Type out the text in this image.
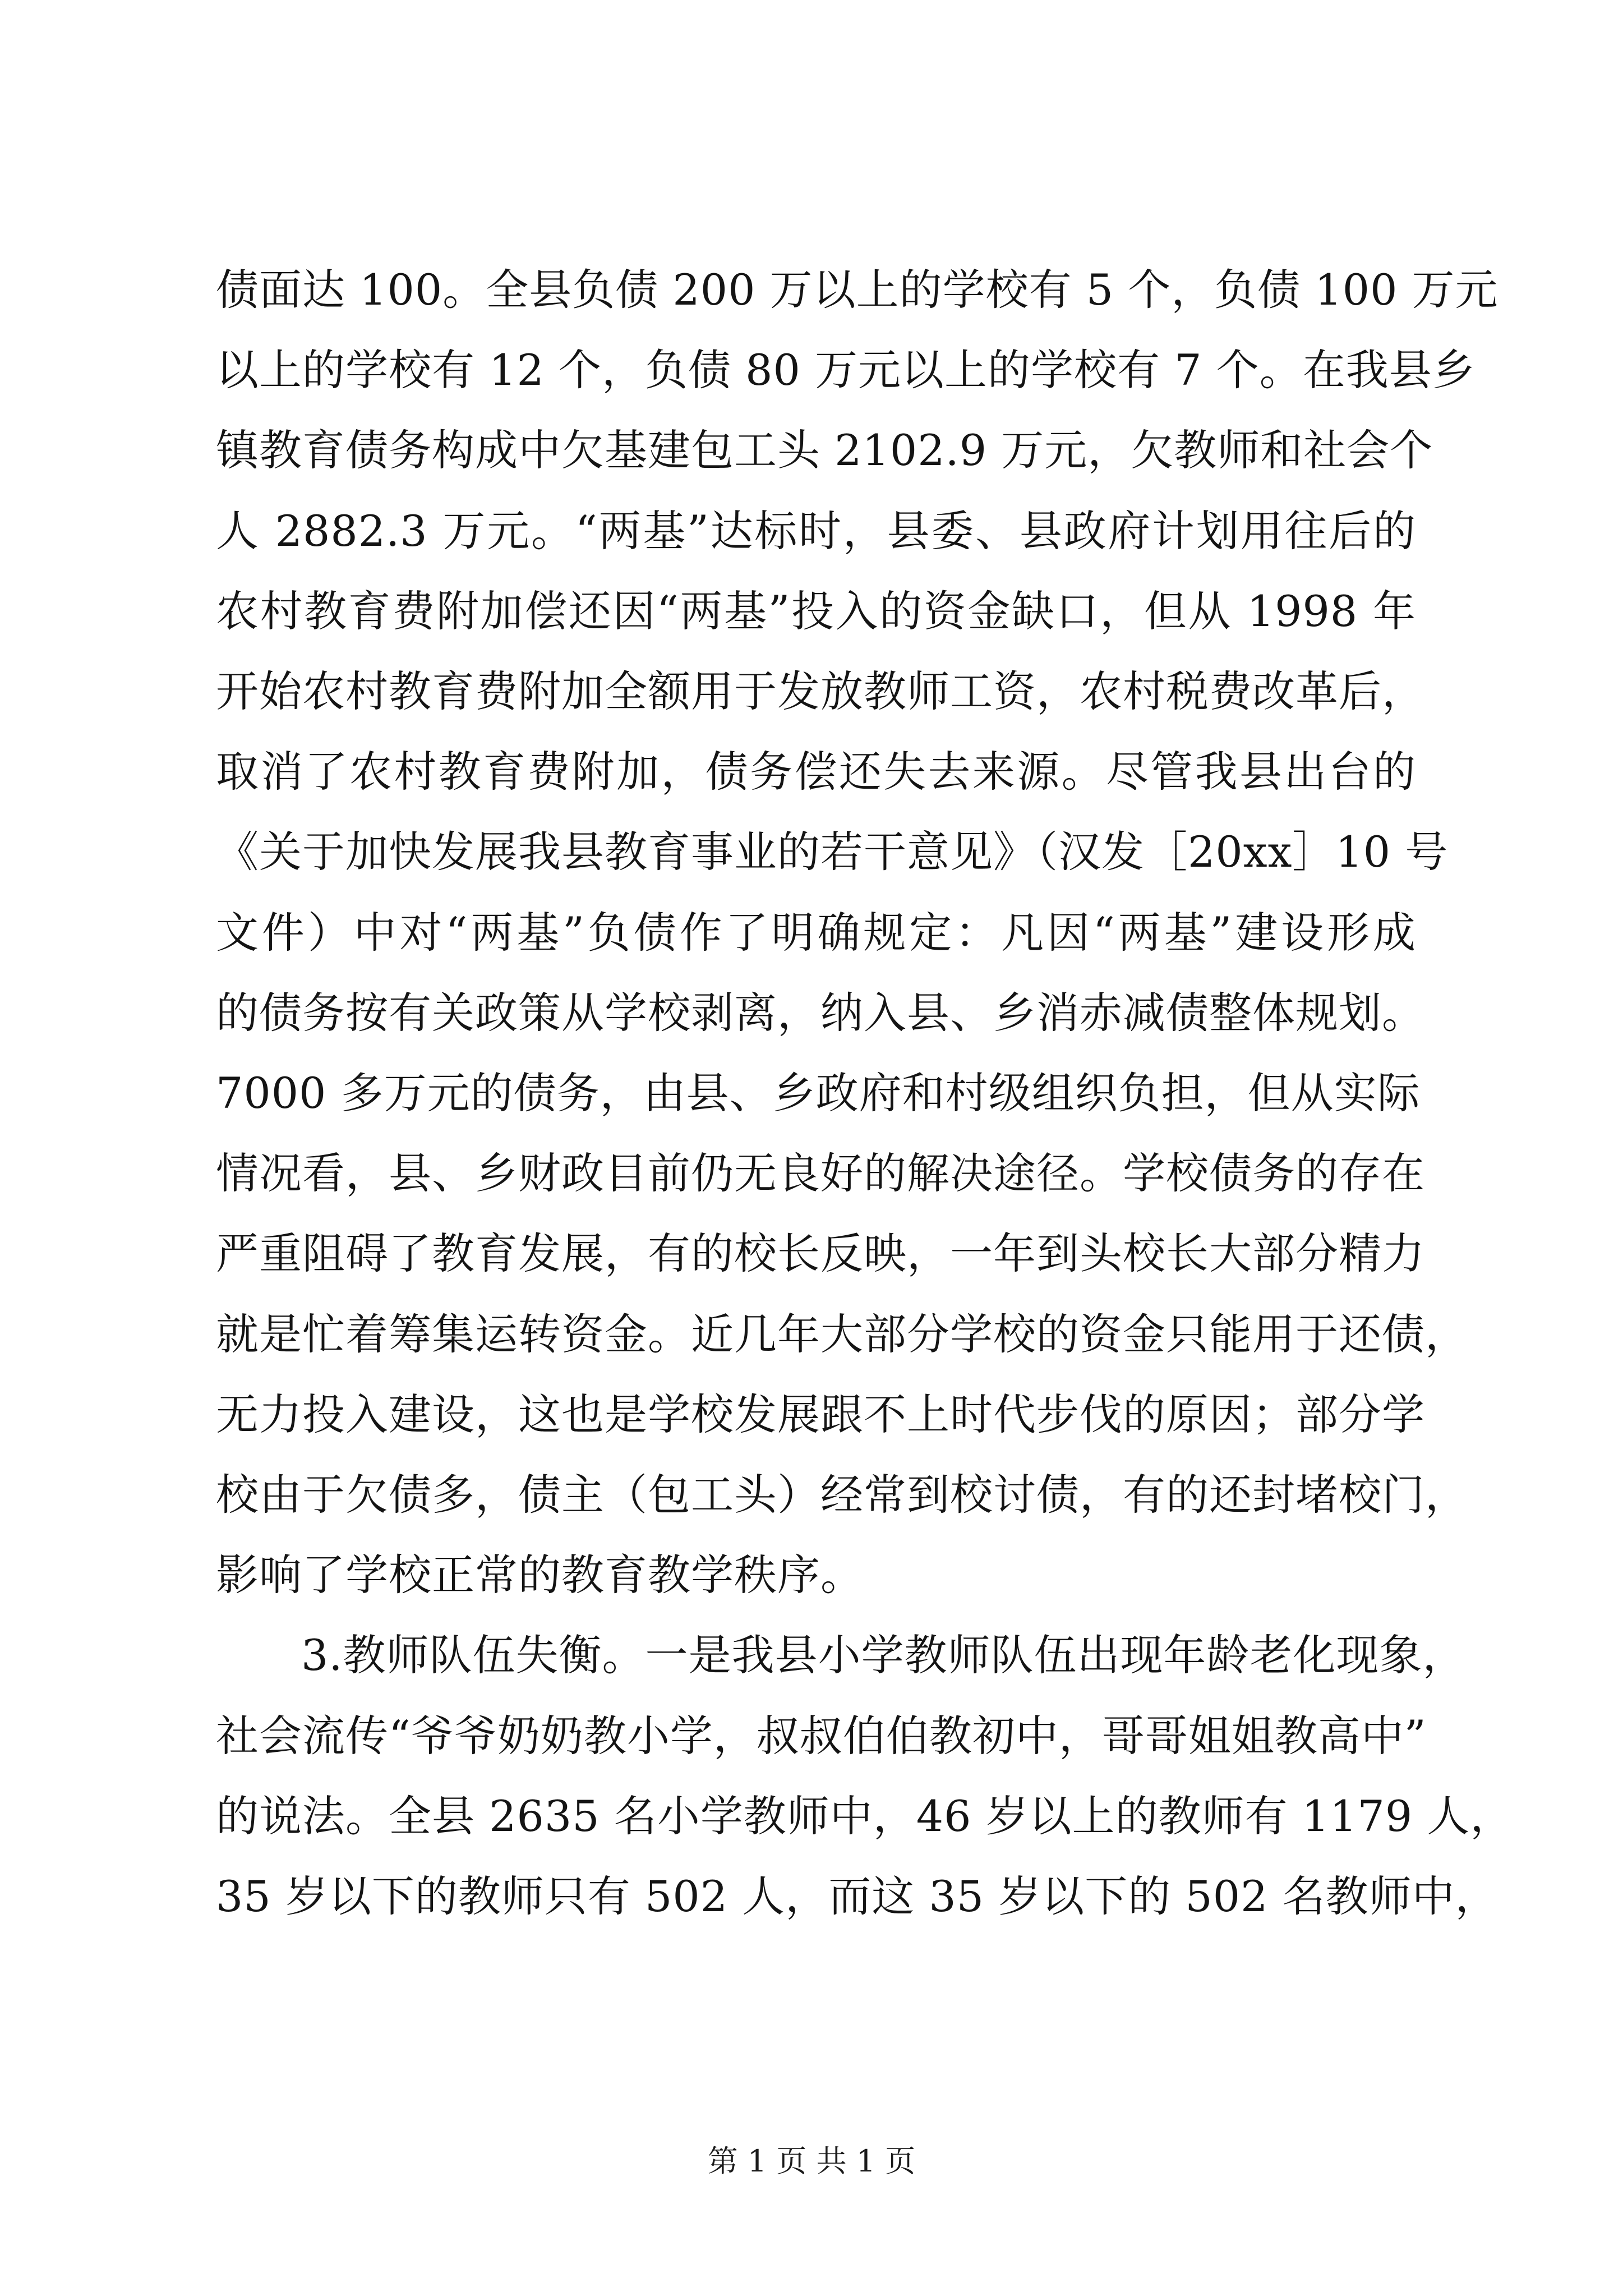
债面达 100。全县负债 200 万以上的学校有 5 个，负债 100 万元
以上的学校有 12 个，负债 80 万元以上的学校有 7 个。在我县乡
镇教育债务构成中欠基建包工头 2102.9 万元，欠教师和社会个
人 2882.3 万元。“两基”达标时，县委、县政府计划用往后的
农村教育费附加偿还因“两基”投入的资金缺口，但从 1998 年
开始农村教育费附加全额用于发放教师工资，农村税费改革后，
取消了农村教育费附加，债务偿还失去来源。尽管我县出台的
《关于加快发展我县教育事业的若干意见》（汉发［20xx］10 号
文件）中对“两基”负债作了明确规定：凡因“两基”建设形成
的债务按有关政策从学校剥离，纳入县、乡消赤减债整体规划。
7000 多万元的债务，由县、乡政府和村级组织负担，但从实际
情况看，县、乡财政目前仍无良好的解决途径。学校债务的存在
严重阻碍了教育发展，有的校长反映，一年到头校长大部分精力
就是忙着筹集运转资金。近几年大部分学校的资金只能用于还债，
无力投入建设，这也是学校发展跟不上时代步伐的原因；部分学
校由于欠债多，债主（包工头）经常到校讨债，有的还封堵校门，
影响了学校正常的教育教学秩序。

3.教师队伍失衡。一是我县小学教师队伍出现年龄老化现象，
社会流传“爷爷奶奶教小学，叔叔伯伯教初中，哥哥姐姐教高中”
的说法。全县 2635 名小学教师中，46 岁以上的教师有 1179 人，
35 岁以下的教师只有 502 人，而这 35 岁以下的 502 名教师中，

第 1 页 共 1 页
